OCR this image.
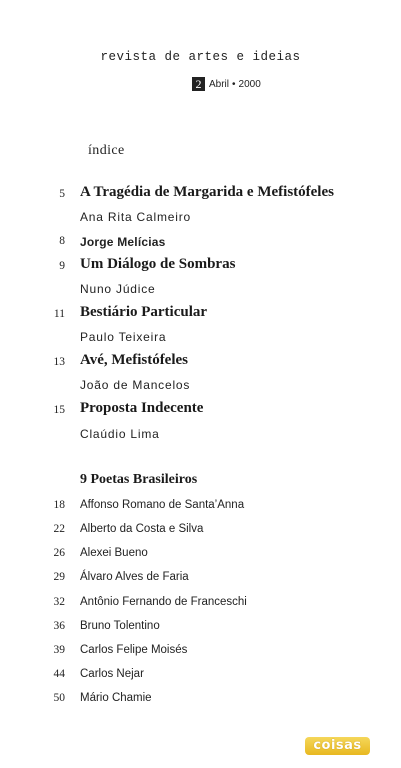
revista de artes e ideias
2 Abril • 2000
índice
5 A Tragédia de Margarida e Mefistófeles
Ana Rita Calmeiro
8 Jorge Melícias
9 Um Diálogo de Sombras
Nuno Júdice
11 Bestiário Particular
Paulo Teixeira
13 Avé, Mefistófeles
João de Mancelos
15 Proposta Indecente
Claúdio Lima
9 Poetas Brasileiros
18 Affonso Romano de Santa’Anna
22 Alberto da Costa e Silva
26 Alexei Bueno
29 Álvaro Alves de Faria
32 Antônio Fernando de Franceschi
36 Bruno Tolentino
39 Carlos Felipe Moisés
44 Carlos Nejar
50 Mário Chamie
coisas
